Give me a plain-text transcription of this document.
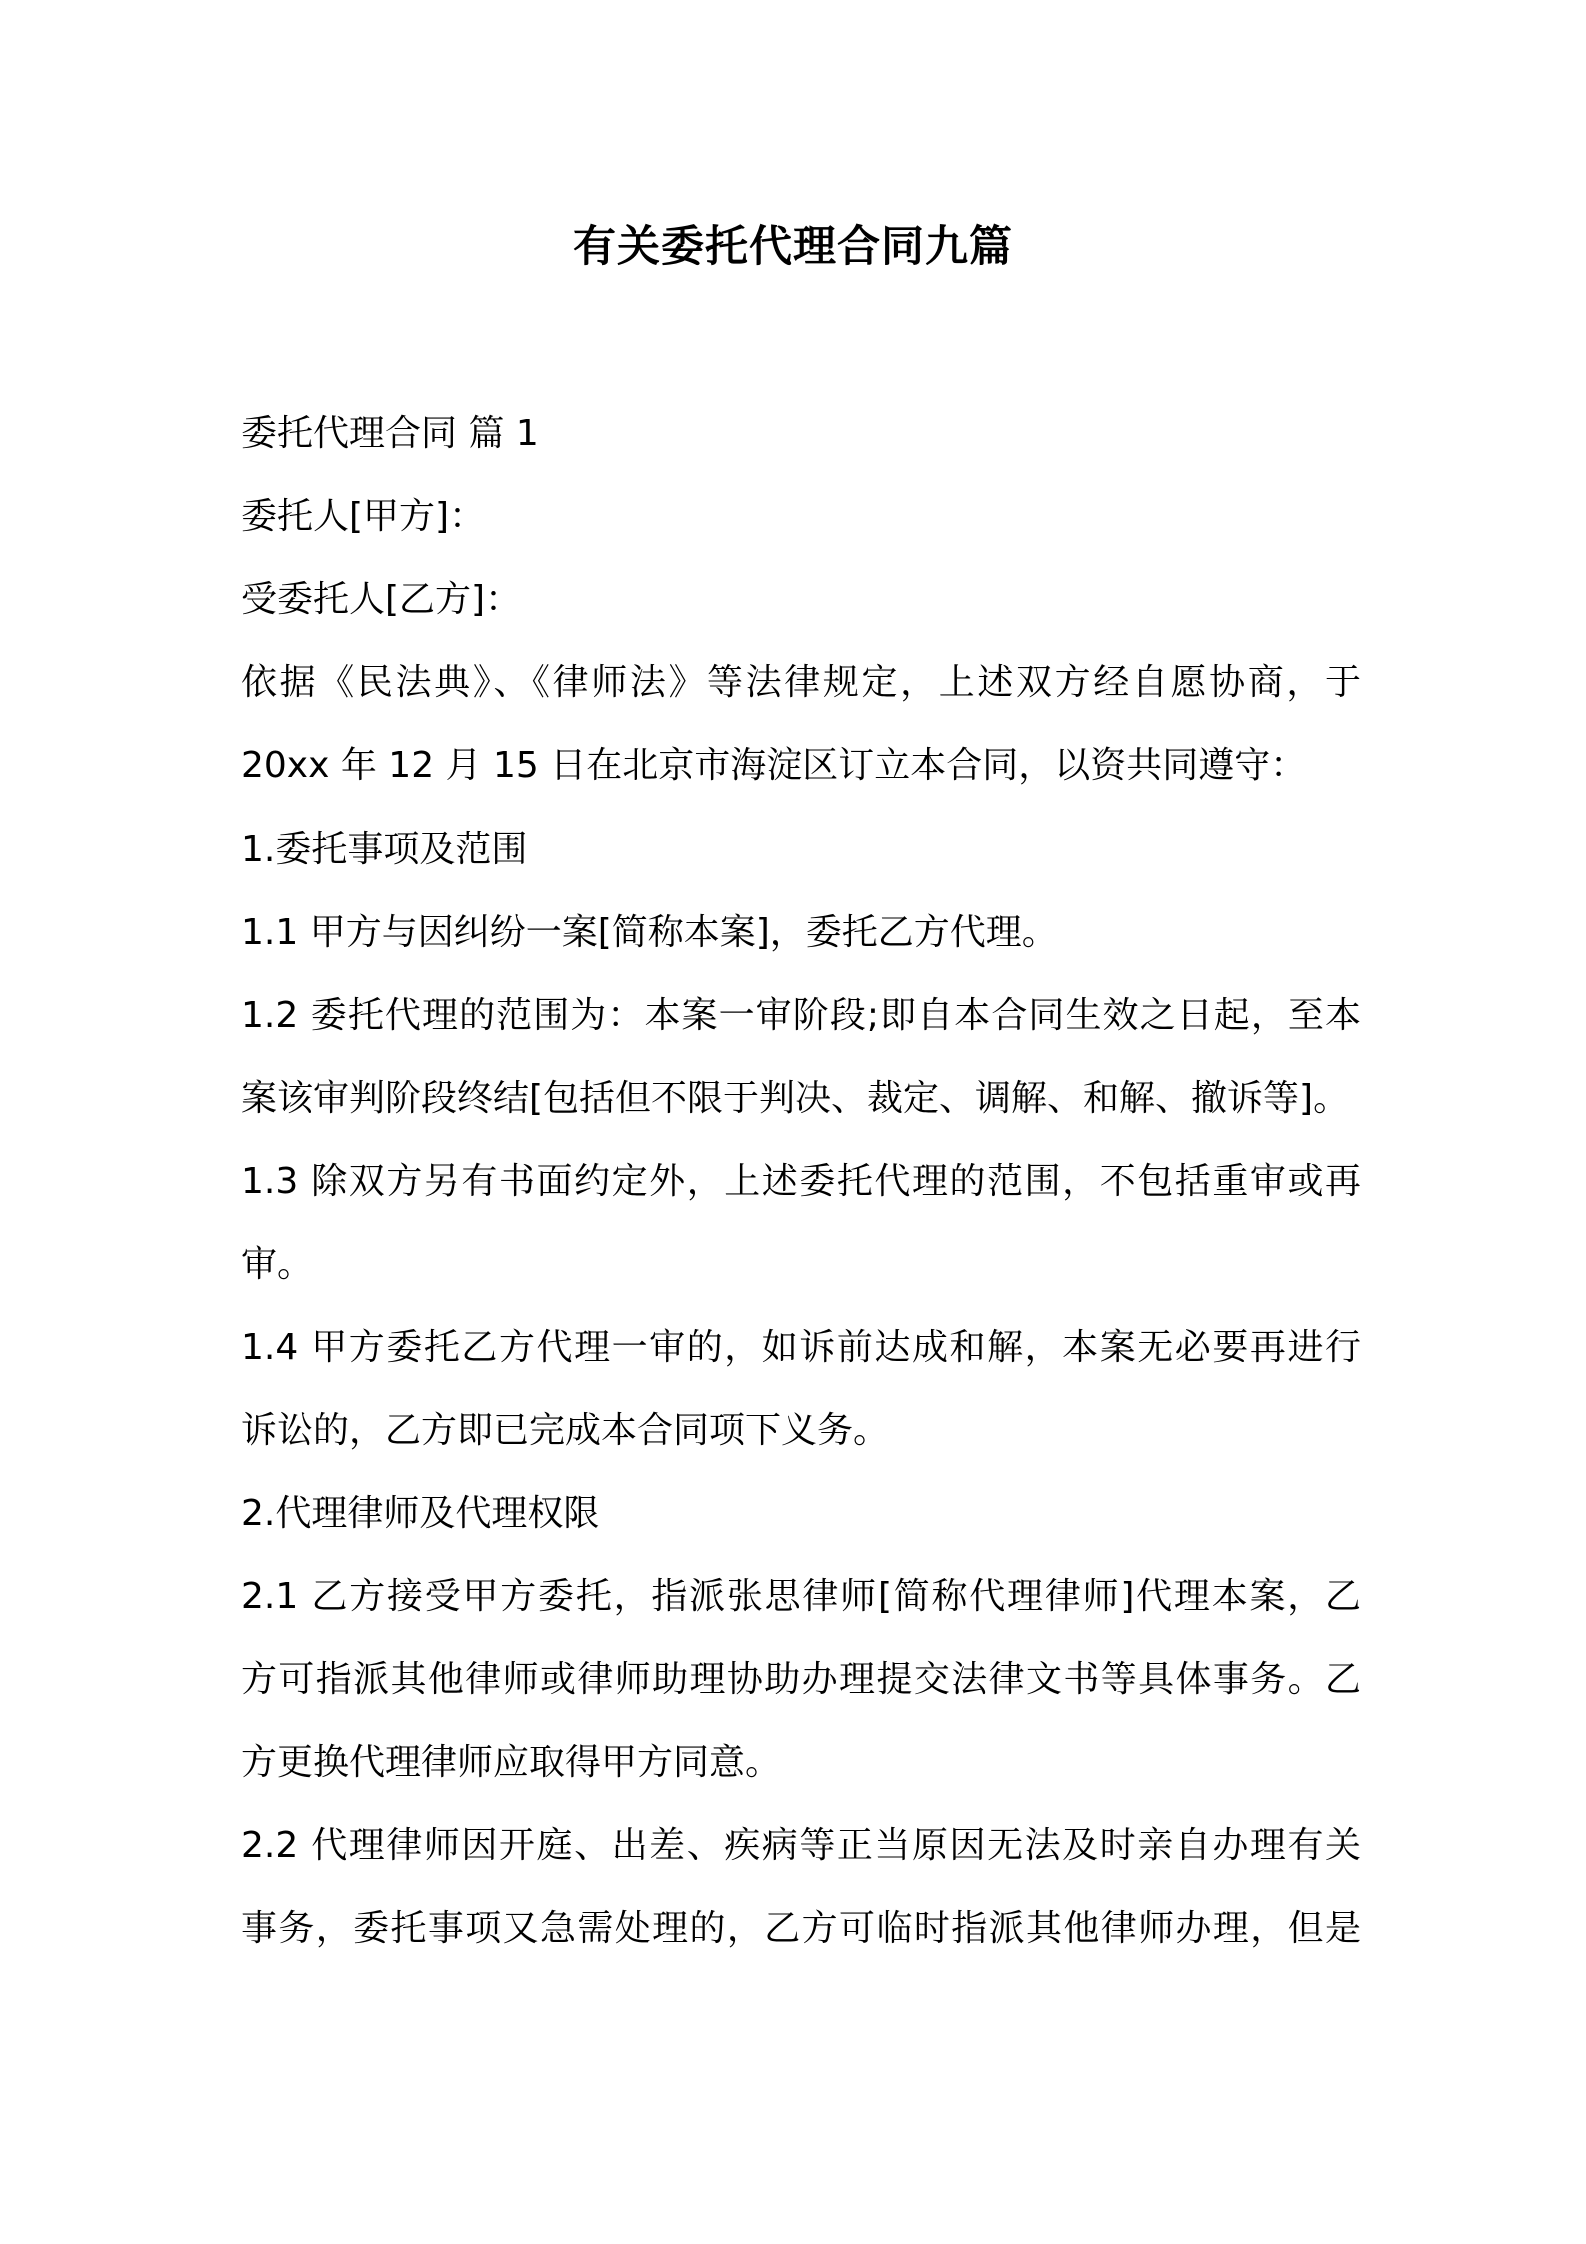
有关委托代理合同九篇
委托代理合同 篇 1
委托人[甲方]：
受委托人[乙方]：
依据《民法典》、《律师法》等法律规定，上述双方经自愿协商，于
20xx 年 12 月 15 日在北京市海淀区订立本合同，以资共同遵守：
1.委托事项及范围
1.1 甲方与因纠纷一案[简称本案]，委托乙方代理。
1.2 委托代理的范围为：本案一审阶段;即自本合同生效之日起，至本
案该审判阶段终结[包括但不限于判决、裁定、调解、和解、撤诉等]。
1.3 除双方另有书面约定外，上述委托代理的范围，不包括重审或再
审。
1.4 甲方委托乙方代理一审的，如诉前达成和解，本案无必要再进行
诉讼的，乙方即已完成本合同项下义务。
2.代理律师及代理权限
2.1 乙方接受甲方委托，指派张思律师[简称代理律师]代理本案，乙
方可指派其他律师或律师助理协助办理提交法律文书等具体事务。乙
方更换代理律师应取得甲方同意。
2.2 代理律师因开庭、出差、疾病等正当原因无法及时亲自办理有关
事务，委托事项又急需处理的，乙方可临时指派其他律师办理，但是
